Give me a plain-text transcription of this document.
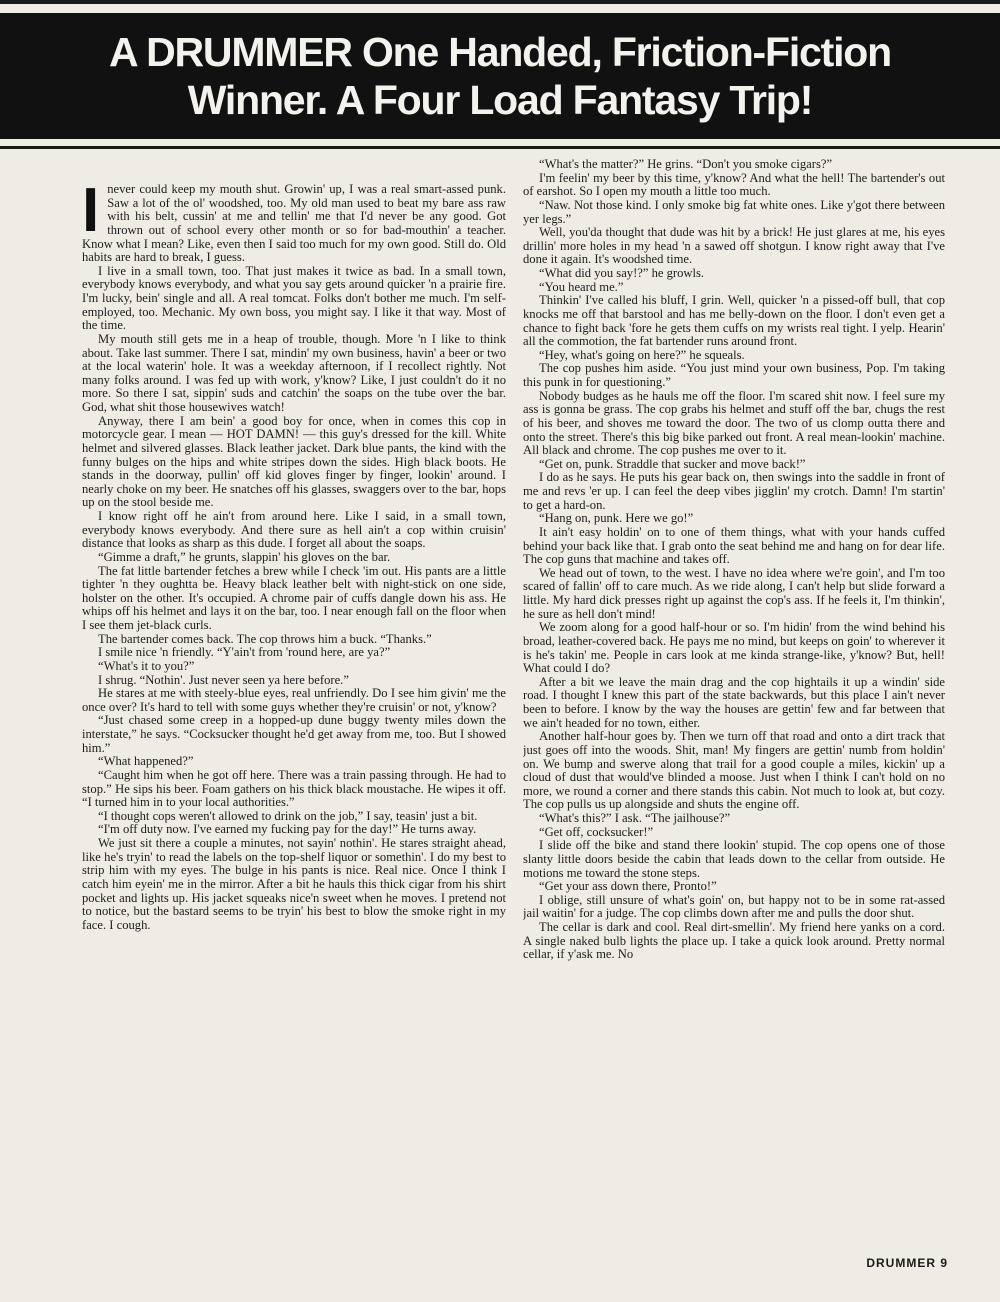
A DRUMMER One Handed, Friction-Fiction
Winner. A Four Load Fantasy Trip!

I never could keep my mouth shut. Growin' up, I was a real smart-assed punk. Saw a lot of the ol' woodshed, too. My old man used to beat my bare ass raw with his belt, cussin' at me and tellin' me that I'd never be any good. Got thrown out of school every other month or so for bad-mouthin' a teacher. Know what I mean? Like, even then I said too much for my own good. Still do. Old habits are hard to break, I guess.

I live in a small town, too. That just makes it twice as bad. In a small town, everybody knows everybody, and what you say gets around quicker 'n a prairie fire. I'm lucky, bein' single and all. A real tomcat. Folks don't bother me much. I'm self-employed, too. Mechanic. My own boss, you might say. I like it that way. Most of the time.

My mouth still gets me in a heap of trouble, though. More 'n I like to think about. Take last summer. There I sat, mindin' my own business, havin' a beer or two at the local waterin' hole. It was a weekday afternoon, if I recollect rightly. Not many folks around. I was fed up with work, y'know? Like, I just couldn't do it no more. So there I sat, sippin' suds and catchin' the soaps on the tube over the bar. God, what shit those housewives watch!

Anyway, there I am bein' a good boy for once, when in comes this cop in motorcycle gear. I mean — HOT DAMN! — this guy's dressed for the kill. White helmet and silvered glasses. Black leather jacket. Dark blue pants, the kind with the funny bulges on the hips and white stripes down the sides. High black boots. He stands in the doorway, pullin' off kid gloves finger by finger, lookin' around. I nearly choke on my beer. He snatches off his glasses, swaggers over to the bar, hops up on the stool beside me.

I know right off he ain't from around here. Like I said, in a small town, everybody knows everybody. And there sure as hell ain't a cop within cruisin' distance that looks as sharp as this dude. I forget all about the soaps.

“Gimme a draft,” he grunts, slappin' his gloves on the bar.

The fat little bartender fetches a brew while I check 'im out. His pants are a little tighter 'n they oughtta be. Heavy black leather belt with night-stick on one side, holster on the other. It's occupied. A chrome pair of cuffs dangle down his ass. He whips off his helmet and lays it on the bar, too. I near enough fall on the floor when I see them jet-black curls.

The bartender comes back. The cop throws him a buck. “Thanks.”

I smile nice 'n friendly. “Y'ain't from 'round here, are ya?”

“What's it to you?”

I shrug. “Nothin'. Just never seen ya here before.”

He stares at me with steely-blue eyes, real unfriendly. Do I see him givin' me the once over? It's hard to tell with some guys whether they're cruisin' or not, y'know?

“Just chased some creep in a hopped-up dune buggy twenty miles down the interstate,” he says. “Cocksucker thought he'd get away from me, too. But I showed him.”

“What happened?”

“Caught him when he got off here. There was a train passing through. He had to stop.” He sips his beer. Foam gathers on his thick black moustache. He wipes it off. “I turned him in to your local authorities.”

“I thought cops weren't allowed to drink on the job,” I say, teasin' just a bit.

“I'm off duty now. I've earned my fucking pay for the day!” He turns away.

We just sit there a couple a minutes, not sayin' nothin'. He stares straight ahead, like he's tryin' to read the labels on the top-shelf liquor or somethin'. I do my best to strip him with my eyes. The bulge in his pants is nice. Real nice. Once I think I catch him eyein' me in the mirror. After a bit he hauls this thick cigar from his shirt pocket and lights up. His jacket squeaks nice'n sweet when he moves. I pretend not to notice, but the bastard seems to be tryin' his best to blow the smoke right in my face. I cough.

“What's the matter?” He grins. “Don't you smoke cigars?”

I'm feelin' my beer by this time, y'know? And what the hell! The bartender's out of earshot. So I open my mouth a little too much.

“Naw. Not those kind. I only smoke big fat white ones. Like y'got there between yer legs.”

Well, you'da thought that dude was hit by a brick! He just glares at me, his eyes drillin' more holes in my head 'n a sawed off shotgun. I know right away that I've done it again. It's woodshed time.

“What did you say!?” he growls.

“You heard me.”

Thinkin' I've called his bluff, I grin. Well, quicker 'n a pissed-off bull, that cop knocks me off that barstool and has me belly-down on the floor. I don't even get a chance to fight back 'fore he gets them cuffs on my wrists real tight. I yelp. Hearin' all the commotion, the fat bartender runs around front.

“Hey, what's going on here?” he squeals.

The cop pushes him aside. “You just mind your own business, Pop. I'm taking this punk in for questioning.”

Nobody budges as he hauls me off the floor. I'm scared shit now. I feel sure my ass is gonna be grass. The cop grabs his helmet and stuff off the bar, chugs the rest of his beer, and shoves me toward the door. The two of us clomp outta there and onto the street. There's this big bike parked out front. A real mean-lookin' machine. All black and chrome. The cop pushes me over to it.

“Get on, punk. Straddle that sucker and move back!”

I do as he says. He puts his gear back on, then swings into the saddle in front of me and revs 'er up. I can feel the deep vibes jigglin' my crotch. Damn! I'm startin' to get a hard-on.

“Hang on, punk. Here we go!”

It ain't easy holdin' on to one of them things, what with your hands cuffed behind your back like that. I grab onto the seat behind me and hang on for dear life. The cop guns that machine and takes off.

We head out of town, to the west. I have no idea where we're goin', and I'm too scared of fallin' off to care much. As we ride along, I can't help but slide forward a little. My hard dick presses right up against the cop's ass. If he feels it, I'm thinkin', he sure as hell don't mind!

We zoom along for a good half-hour or so. I'm hidin' from the wind behind his broad, leather-covered back. He pays me no mind, but keeps on goin' to wherever it is he's takin' me. People in cars look at me kinda strange-like, y'know? But, hell! What could I do?

After a bit we leave the main drag and the cop hightails it up a windin' side road. I thought I knew this part of the state backwards, but this place I ain't never been to before. I know by the way the houses are gettin' few and far between that we ain't headed for no town, either.

Another half-hour goes by. Then we turn off that road and onto a dirt track that just goes off into the woods. Shit, man! My fingers are gettin' numb from holdin' on. We bump and swerve along that trail for a good couple a miles, kickin' up a cloud of dust that would've blinded a moose. Just when I think I can't hold on no more, we round a corner and there stands this cabin. Not much to look at, but cozy. The cop pulls us up alongside and shuts the engine off.

“What's this?” I ask. “The jailhouse?”

“Get off, cocksucker!”

I slide off the bike and stand there lookin' stupid. The cop opens one of those slanty little doors beside the cabin that leads down to the cellar from outside. He motions me toward the stone steps.

“Get your ass down there, Pronto!”

I oblige, still unsure of what's goin' on, but happy not to be in some rat-assed jail waitin' for a judge. The cop climbs down after me and pulls the door shut.

The cellar is dark and cool. Real dirt-smellin'. My friend here yanks on a cord. A single naked bulb lights the place up. I take a quick look around. Pretty normal cellar, if y'ask me. No

DRUMMER 9
